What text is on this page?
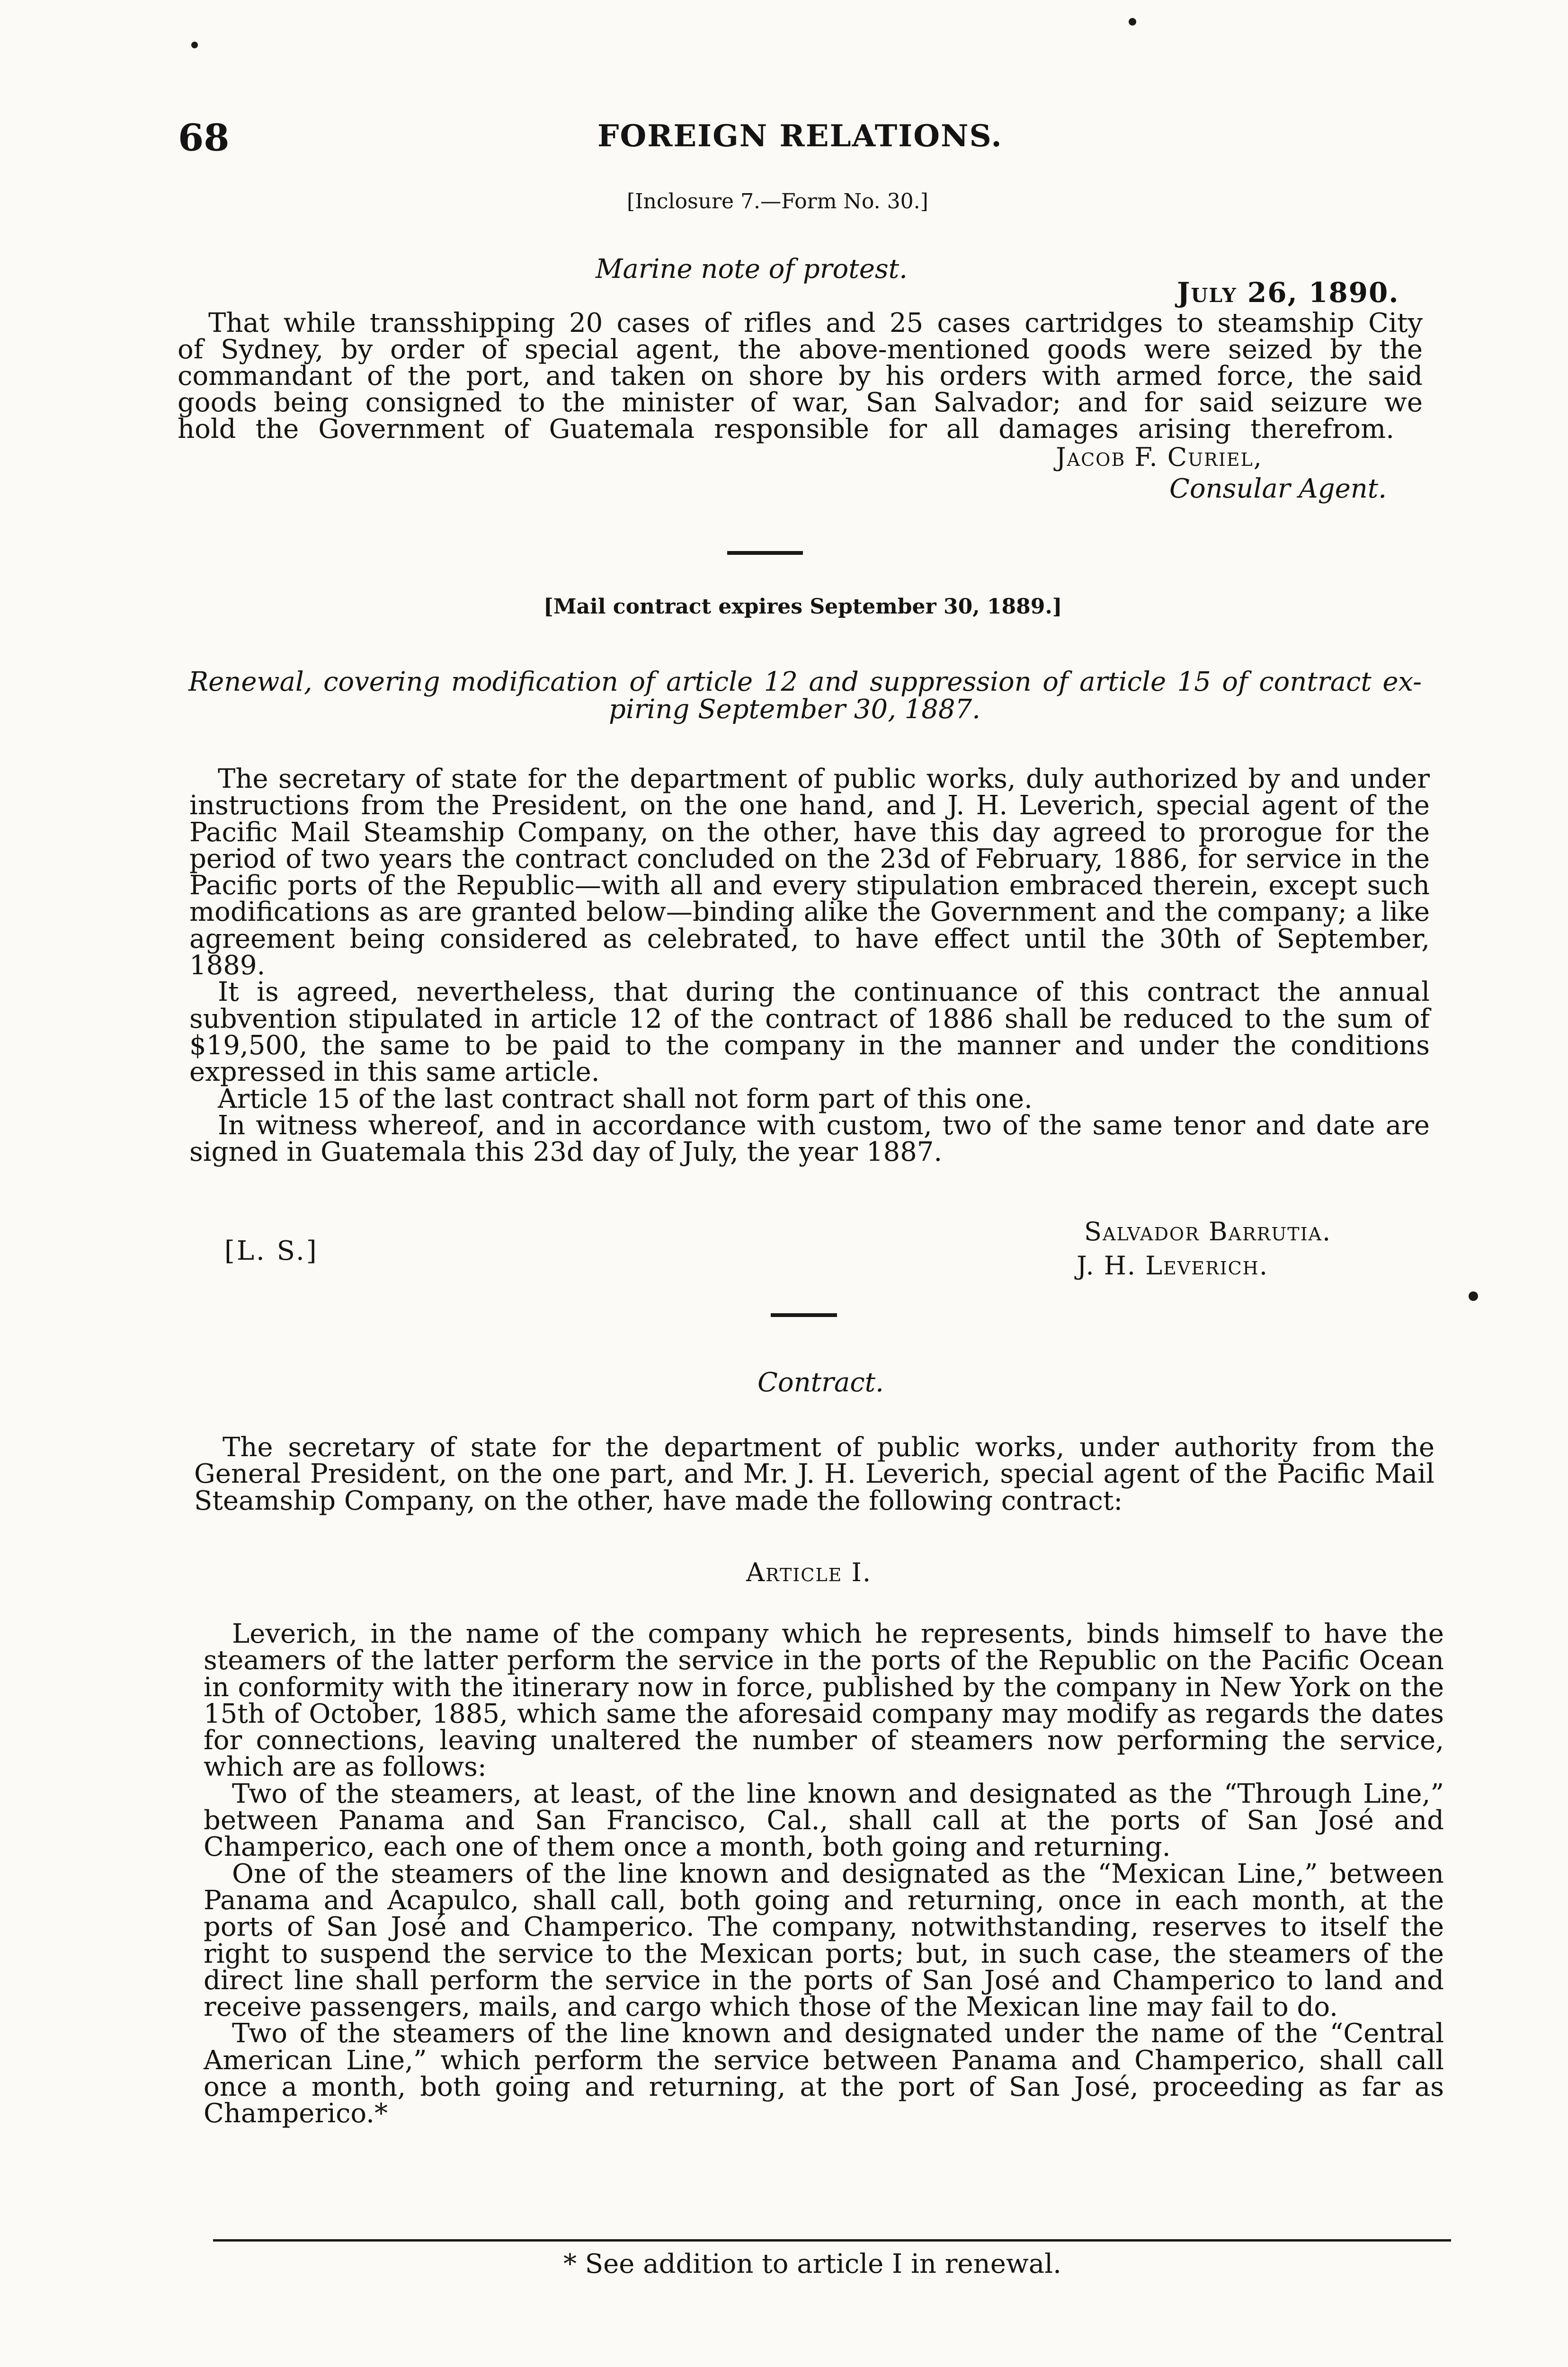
68	FOREIGN RELATIONS.
[Inclosure 7.—Form No. 30.]
Marine note of protest.
July 26, 1890.
That while transshipping 20 cases of rifles and 25 cases cartridges to steamship City
of Sydney, by order of special agent, the above-mentioned goods were seized by the
commandant of the port, and taken on shore by his orders with armed force, the said
goods being consigned to the minister of war, San Salvador; and for said seizure we
hold the Government of Guatemala responsible for all damages arising therefrom.
Jacob F. Curiel,
Consular Agent.
[Mail contract expires September 30, 1889.]
Renewal, covering modification of article 12 and suppression of article 15 of contract ex-
piring September 30, 1887.

The secretary of state for the department of public works, duly authorized by and under instructions from the President, on the one hand, and J. H. Leverich, special agent of the Pacific Mail Steamship Company, on the other, have this day agreed to prorogue for the period of two years the contract concluded on the 23d of February, 1886, for service in the Pacific ports of the Republic—with all and every stipulation embraced therein, except such modifications as are granted below—binding alike the Government and the company; a like agreement being considered as celebrated, to have effect until the 30th of September, 1889.

It is agreed, nevertheless, that during the continuance of this contract the annual subvention stipulated in article 12 of the contract of 1886 shall be reduced to the sum of $19,500, the same to be paid to the company in the manner and under the conditions expressed in this same article.

Article 15 of the last contract shall not form part of this one.

In witness whereof, and in accordance with custom, two of the same tenor and date are signed in Guatemala this 23d day of July, the year 1887.

[L. S.]
Salvador Barrutia.
J. H. Leverich.
Contract.

The secretary of state for the department of public works, under authority from the General President, on the one part, and Mr. J. H. Leverich, special agent of the Pacific Mail Steamship Company, on the other, have made the following contract:

Article I.

Leverich, in the name of the company which he represents, binds himself to have the steamers of the latter perform the service in the ports of the Republic on the Pacific Ocean in conformity with the itinerary now in force, published by the company in New York on the 15th of October, 1885, which same the aforesaid company may modify as regards the dates for connections, leaving unaltered the number of steamers now performing the service, which are as follows:

Two of the steamers, at least, of the line known and designated as the “Through Line,” between Panama and San Francisco, Cal., shall call at the ports of San José and Champerico, each one of them once a month, both going and returning.

One of the steamers of the line known and designated as the “Mexican Line,” between Panama and Acapulco, shall call, both going and returning, once in each month, at the ports of San José and Champerico. The company, notwithstanding, reserves to itself the right to suspend the service to the Mexican ports; but, in such case, the steamers of the direct line shall perform the service in the ports of San José and Champerico to land and receive passengers, mails, and cargo which those of the Mexican line may fail to do.

Two of the steamers of the line known and designated under the name of the “Central American Line,” which perform the service between Panama and Champerico, shall call once a month, both going and returning, at the port of San José, proceeding as far as Champerico.*

* See addition to article I in renewal.
